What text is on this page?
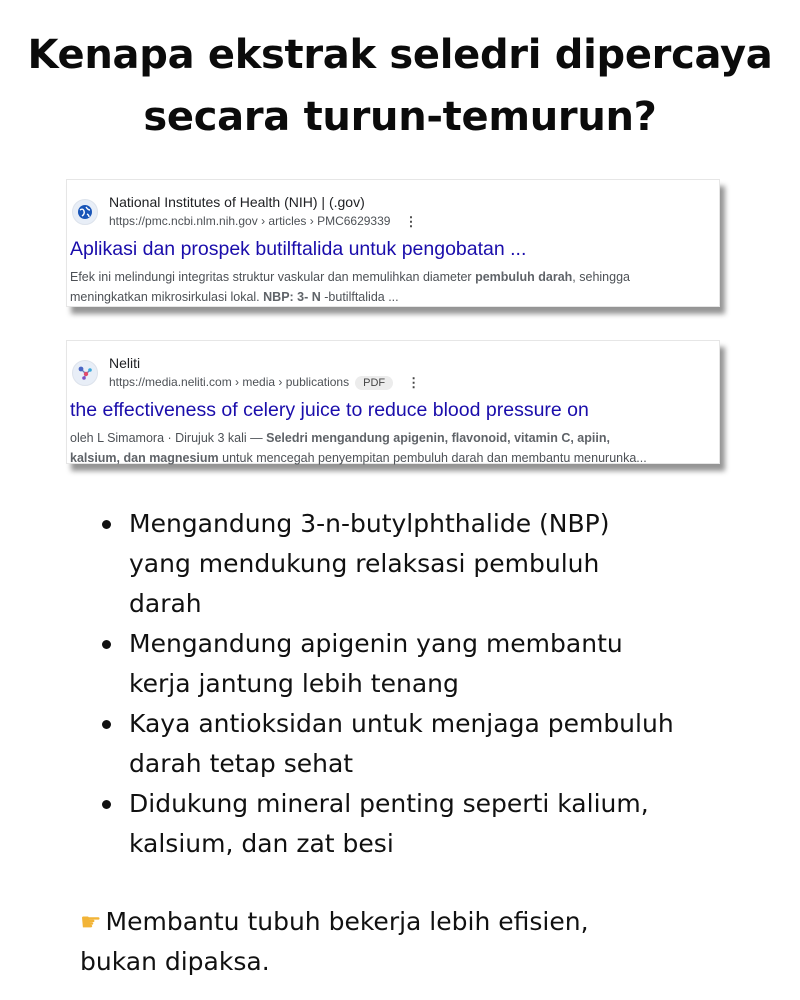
Kenapa ekstrak seledri dipercaya
secara turun-temurun?
National Institutes of Health (NIH) | (.gov)
https://pmc.ncbi.nlm.nih.gov › articles › PMC6629339 ⋮
Aplikasi dan prospek butilftalida untuk pengobatan ...
Efek ini melindungi integritas struktur vaskular dan memulihkan diameter pembuluh darah, sehingga
meningkatkan mikrosirkulasi lokal. NBP: 3- N -butilftalida ...
Neliti
https://media.neliti.com › media › publications PDF ⋮
the effectiveness of celery juice to reduce blood pressure on
oleh L Simamora · Dirujuk 3 kali — Seledri mengandung apigenin, flavonoid, vitamin C, apiin,
kalsium, dan magnesium untuk mencegah penyempitan pembuluh darah dan membantu menurunka...
Mengandung 3-n-butylphthalide (NBP)
yang mendukung relaksasi pembuluh
darah
Mengandung apigenin yang membantu
kerja jantung lebih tenang
Kaya antioksidan untuk menjaga pembuluh
darah tetap sehat
Didukung mineral penting seperti kalium,
kalsium, dan zat besi
☛ Membantu tubuh bekerja lebih efisien,
bukan dipaksa.
